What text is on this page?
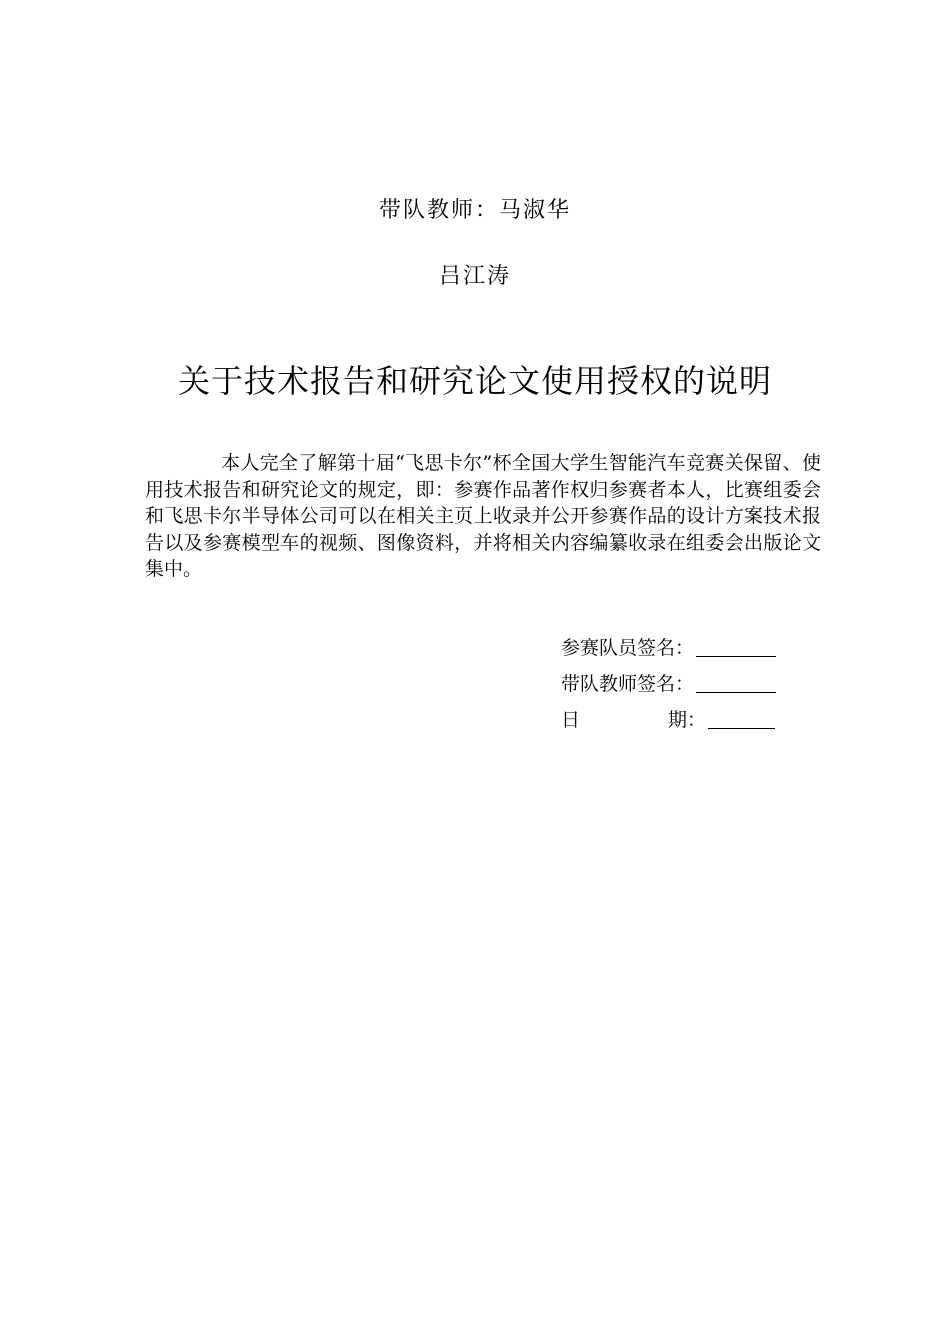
带队教师：马淑华
吕江涛
关于技术报告和研究论文使用授权的说明

本人完全了解第十届“飞思卡尔”杯全国大学生智能汽车竞赛关保留、使用技术报告和研究论文的规定，即：参赛作品著作权归参赛者本人，比赛组委会和飞思卡尔半导体公司可以在相关主页上收录并公开参赛作品的设计方案技术报告以及参赛模型车的视频、图像资料，并将相关内容编纂收录在组委会出版论文集中。

参赛队员签名：
带队教师签名：
日	期：
